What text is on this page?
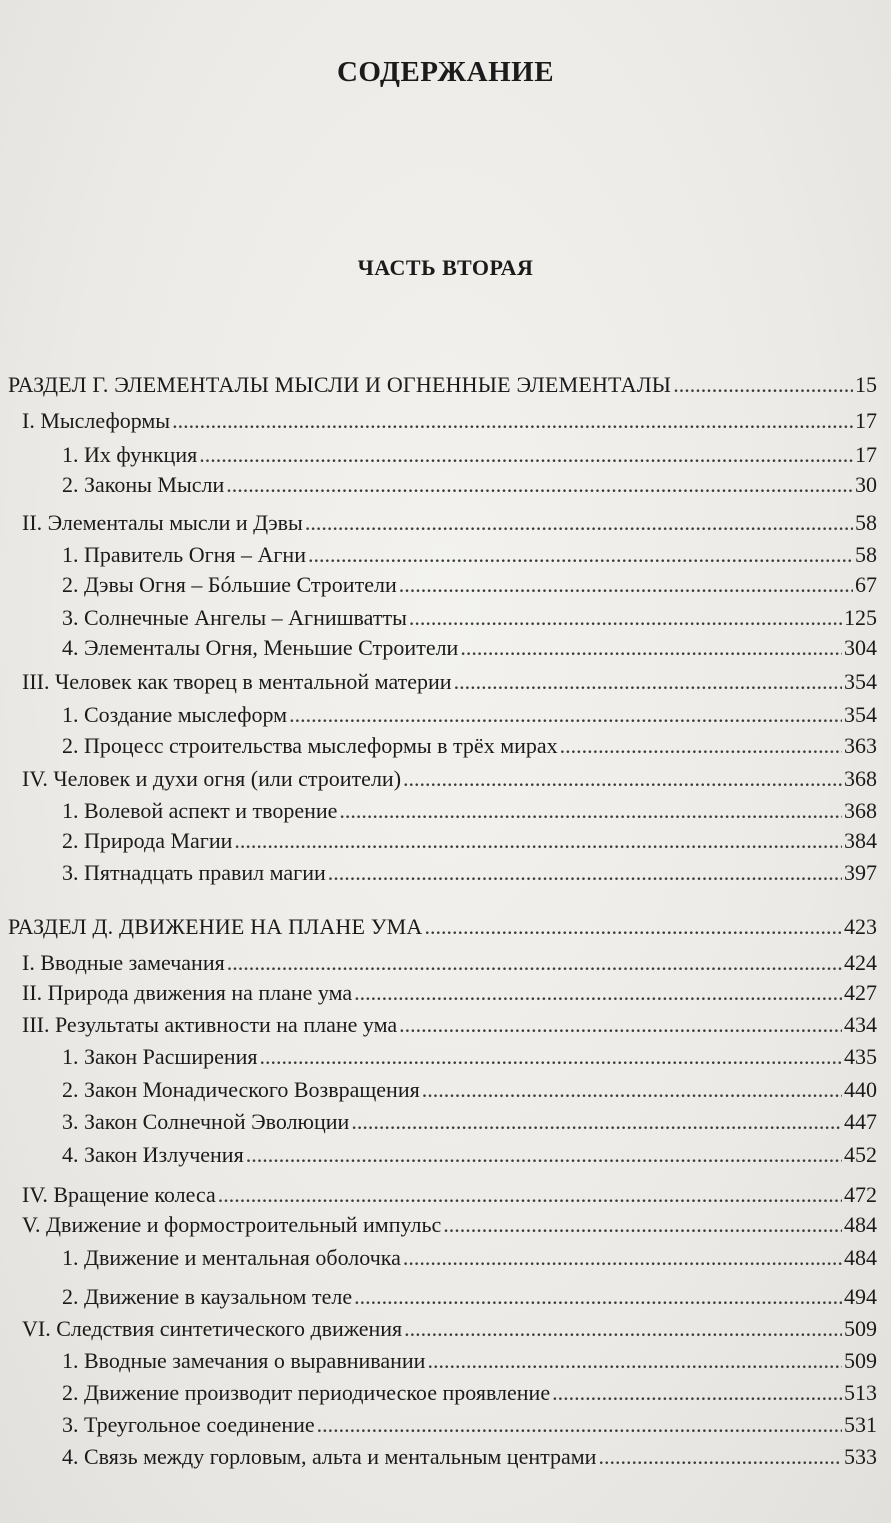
СОДЕРЖАНИЕ
ЧАСТЬ ВТОРАЯ
РАЗДЕЛ Г. ЭЛЕМЕНТАЛЫ МЫСЛИ И ОГНЕННЫЕ ЭЛЕМЕНТАЛЫ .....	15
I. Мыслеформы .....	17
1. Их функция .....	17
2. Законы Мысли .....	30
II. Элементалы мысли и Дэвы .....	58
1. Правитель Огня – Агни .....	58
2. Дэвы Огня – Бóльшие Строители .....	67
3. Солнечные Ангелы – Агнишватты .....	125
4. Элементалы Огня, Меньшие Строители .....	304
III. Человек как творец в ментальной материи .....	354
1. Создание мыслеформ .....	354
2. Процесс строительства мыслеформы в трёх мирах .....	363
IV. Человек и духи огня (или строители) .....	368
1. Волевой аспект и творение .....	368
2. Природа Магии .....	384
3. Пятнадцать правил магии .....	397
РАЗДЕЛ Д. ДВИЖЕНИЕ НА ПЛАНЕ УМА .....	423
I. Вводные замечания .....	424
II. Природа движения на плане ума .....	427
III. Результаты активности на плане ума .....	434
1. Закон Расширения .....	435
2. Закон Монадического Возвращения .....	440
3. Закон Солнечной Эволюции .....	447
4. Закон Излучения .....	452
IV. Вращение колеса .....	472
V. Движение и формостроительный импульс .....	484
1. Движение и ментальная оболочка .....	484
2. Движение в каузальном теле .....	494
VI. Следствия синтетического движения .....	509
1. Вводные замечания о выравнивании .....	509
2. Движение производит периодическое проявление .....	513
3. Треугольное соединение .....	531
4. Связь между горловым, альта и ментальным центрами .....	533
